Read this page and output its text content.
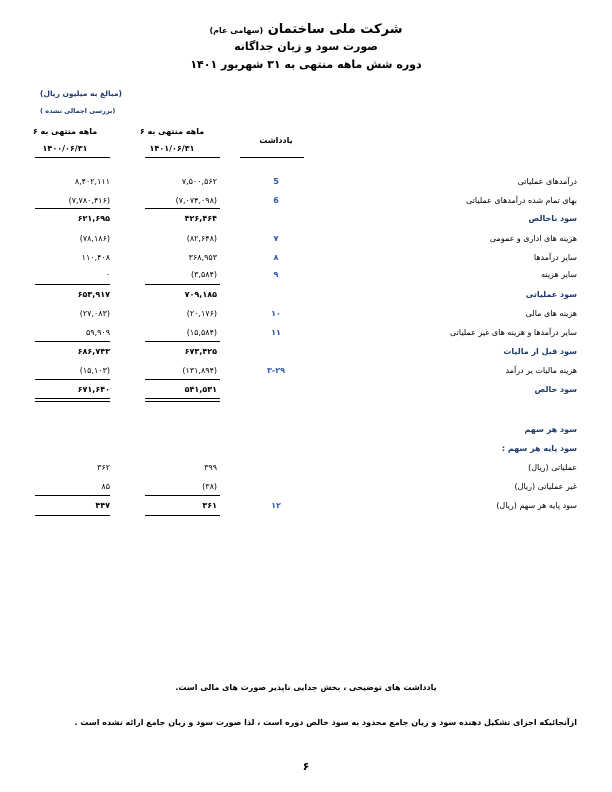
شرکت ملی ساختمان (سهامی عام)
صورت سود و زیان جداگانه
دوره شش ماهه منتهی به ۳۱ شهریور ۱۴۰۱
(مبالغ به میلیون ریال)
( بررسی اجمالی نشده)
۶ ماهه منتهی به
۱۴۰۱/۰۶/۳۱
۶ ماهه منتهی به
۱۴۰۰/۰۶/۳۱
یادداشت
درآمدهای عملیاتی
5
۷,۵۰۰,۵۶۲
۸,۴۰۲,۱۱۱
بهای تمام شده درآمدهای عملیاتی
6
(۷,۰۷۴,۰۹۸)
(۷,۷۸۰,۴۱۶)
سود ناخالص
۴۲۶,۴۶۴
۶۲۱,۶۹۵
هزینه های اداری و عمومی
۷
(۸۲,۶۴۸)
(۷۸,۱۸۶)
سایر درآمدها
۸
۳۶۸,۹۵۳
۱۱۰,۴۰۸
سایر هزینه
۹
(۳,۵۸۴)
۰
سود عملیاتی
۷۰۹,۱۸۵
۶۵۳,۹۱۷
هزینه های مالی
۱۰
(۲۰,۱۷۶)
(۲۷,۰۸۳)
سایر درآمدها و هزینه های غیر عملیاتی
۱۱
(۱۵,۵۸۴)
۵۹,۹۰۹
سود قبل از مالیات
۶۷۳,۴۲۵
۶۸۶,۷۴۳
هزینه مالیات بر درآمد
۳-۲۹
(۱۳۱,۸۹۴)
(۱۵,۱۰۳)
سود خالص
۵۴۱,۵۳۱
۶۷۱,۶۴۰
سود هر سهم
سود پایه هر سهم :
عملیاتی (ریال)
۳۹۹
۳۶۲
غیر عملیاتی (ریال)
(۳۸)
۸۵
سود پایه هر سهم (ریال)
۱۲
۳۶۱
۴۴۷
یادداشت های توضیحی ، بخش جدایی ناپذیر صورت های مالی است.
ازآنجائیکه اجزای تشکیل دهنده سود و زیان جامع محدود به سود خالص دوره است ، لذا صورت سود و زیان جامع ارائه نشده است .
۶
